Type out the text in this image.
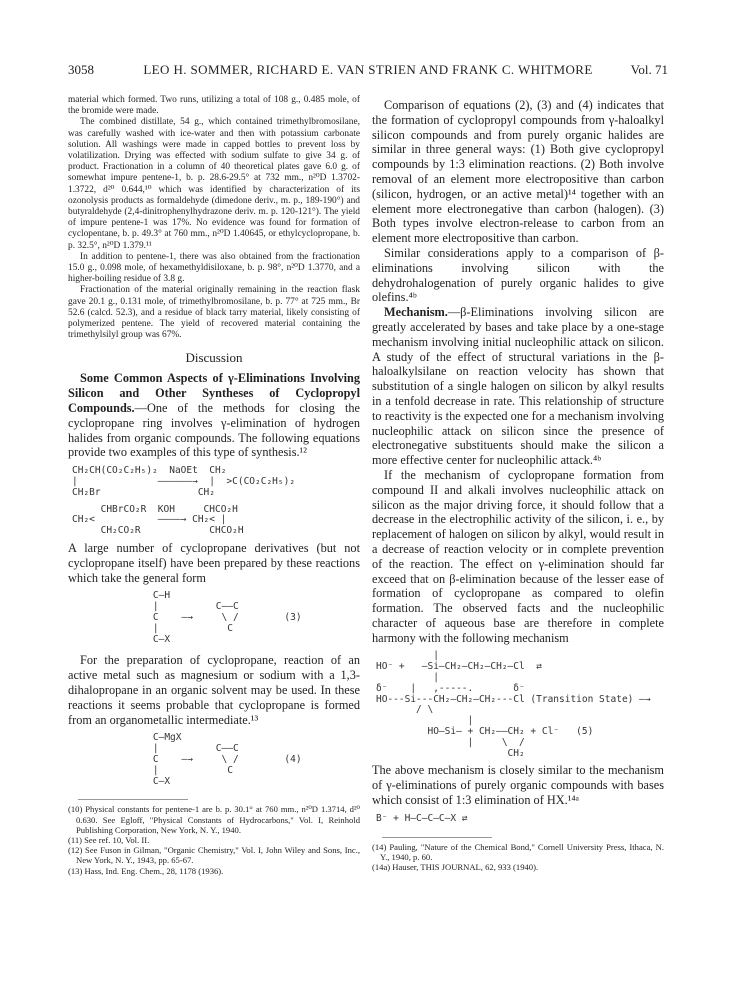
3058	LEO H. SOMMER, RICHARD E. VAN STRIEN AND FRANK C. WHITMORE	Vol. 71

material which formed. Two runs, utilizing a total of 108 g., 0.485 mole, of the bromide were made.

The combined distillate, 54 g., which contained trimethylbromosilane, was carefully washed with ice-water and then with potassium carbonate solution. All washings were made in capped bottles to prevent loss by volatilization. Drying was effected with sodium sulfate to give 34 g. of product. Fractionation in a column of 40 theoretical plates gave 6.0 g. of somewhat impure pentene-1, b. p. 28.6-29.5° at 732 mm., n²⁰D 1.3702-1.3722, d²⁰ 0.644,¹⁰ which was identified by characterization of its ozonolysis products as formaldehyde (dimedone deriv., m. p., 189-190°) and butyraldehyde (2,4-dinitrophenylhydrazone deriv. m. p. 120-121°). The yield of impure pentene-1 was 17%. No evidence was found for formation of cyclopentane, b. p. 49.3° at 760 mm., n²⁰D 1.40645, or ethylcyclopropane, b. p. 32.5°, n²⁰D 1.379.¹¹

In addition to pentene-1, there was also obtained from the fractionation 15.0 g., 0.098 mole, of hexamethyldisiloxane, b. p. 98°, n²⁰D 1.3770, and a higher-boiling residue of 3.8 g.

Fractionation of the material originally remaining in the reaction flask gave 20.1 g., 0.131 mole, of trimethylbromosilane, b. p. 77° at 725 mm., Br 52.6 (calcd. 52.3), and a residue of black tarry material, likely consisting of polymerized pentene. The yield of recovered material containing the trimethylsilyl group was 67%.

Discussion

Some Common Aspects of γ-Eliminations Involving Silicon and Other Syntheses of Cyclopropyl Compounds.—One of the methods for closing the cyclopropane ring involves γ-elimination of hydrogen halides from organic compounds. The following equations provide two examples of this type of synthesis.¹²

CH₂CH(CO₂C₂H₅)₂  NaOEt  CH₂
|              ——————→  |  >C(CO₂C₂H₅)₂
CH₂Br                 CH₂
CHBrCO₂R  KOH     CHCO₂H
CH₂<           ————→ CH₂< |
CH₂CO₂R            CHCO₂H

A large number of cyclopropane derivatives (but not cyclopropane itself) have been prepared by these reactions which take the general form

C—H
|          C——C
C    —→     \ /        (3)
|            C
C—X

For the preparation of cyclopropane, reaction of an active metal such as magnesium or sodium with a 1,3-dihalopropane in an organic solvent may be used. In these reactions it seems probable that cyclopropane is formed from an organometallic intermediate.¹³

C—MgX
|          C——C
C    —→     \ /        (4)
|            C
C—X

(10) Physical constants for pentene-1 are b. p. 30.1° at 760 mm., n²⁰D 1.3714, d²⁰ 0.630. See Egloff, "Physical Constants of Hydrocarbons," Vol. I, Reinhold Publishing Corporation, New York, N. Y., 1940.

(11) See ref. 10, Vol. II.

(12) See Fuson in Gilman, "Organic Chemistry," Vol. I, John Wiley and Sons, Inc., New York, N. Y., 1943, pp. 65-67.

(13) Hass, Ind. Eng. Chem., 28, 1178 (1936).

Comparison of equations (2), (3) and (4) indicates that the formation of cyclopropyl compounds from γ-haloalkyl silicon compounds and from purely organic halides are similar in three general ways: (1) Both give cyclopropyl compounds by 1:3 elimination reactions. (2) Both involve removal of an element more electropositive than carbon (silicon, hydrogen, or an active metal)¹⁴ together with an element more electronegative than carbon (halogen). (3) Both types involve electron-release to carbon from an element more electropositive than carbon.

Similar considerations apply to a comparison of β-eliminations involving silicon with the dehydrohalogenation of purely organic halides to give olefins.⁴ᵇ

Mechanism.—β-Eliminations involving silicon are greatly accelerated by bases and take place by a one-stage mechanism involving initial nucleophilic attack on silicon. A study of the effect of structural variations in the β-haloalkylsilane on reaction velocity has shown that substitution of a single halogen on silicon by alkyl results in a tenfold decrease in rate. This relationship of structure to reactivity is the expected one for a mechanism involving nucleophilic attack on silicon since the presence of electronegative substituents should make the silicon a more effective center for nucleophilic attack.⁴ᵇ

If the mechanism of cyclopropane formation from compound II and alkali involves nucleophilic attack on silicon as the major driving force, it should follow that a decrease in the electrophilic activity of the silicon, i. e., by replacement of halogen on silicon by alkyl, would result in a decrease of reaction velocity or in complete prevention of the reaction. The effect on γ-elimination should far exceed that on β-elimination because of the lesser ease of formation of cyclopropane as compared to olefin formation. The observed facts and the nucleophilic character of aqueous base are therefore in complete harmony with the following mechanism

|
HO⁻ +   —Si—CH₂—CH₂—CH₂—Cl  ⇄
|
δ⁻    |   ,-----.       δ⁻
HO---Si---CH₂—CH₂—CH₂---Cl (Transition State) —→
/ \
|
HO—Si— + CH₂——CH₂ + Cl⁻   (5)
|     \  /
CH₂

The above mechanism is closely similar to the mechanism of γ-eliminations of purely organic compounds with bases which consist of 1:3 elimination of HX.¹⁴ᵃ

B⁻ + H—C—C—C—X ⇄

(14) Pauling, "Nature of the Chemical Bond," Cornell University Press, Ithaca, N. Y., 1940, p. 60.

(14a) Hauser, THIS JOURNAL, 62, 933 (1940).
